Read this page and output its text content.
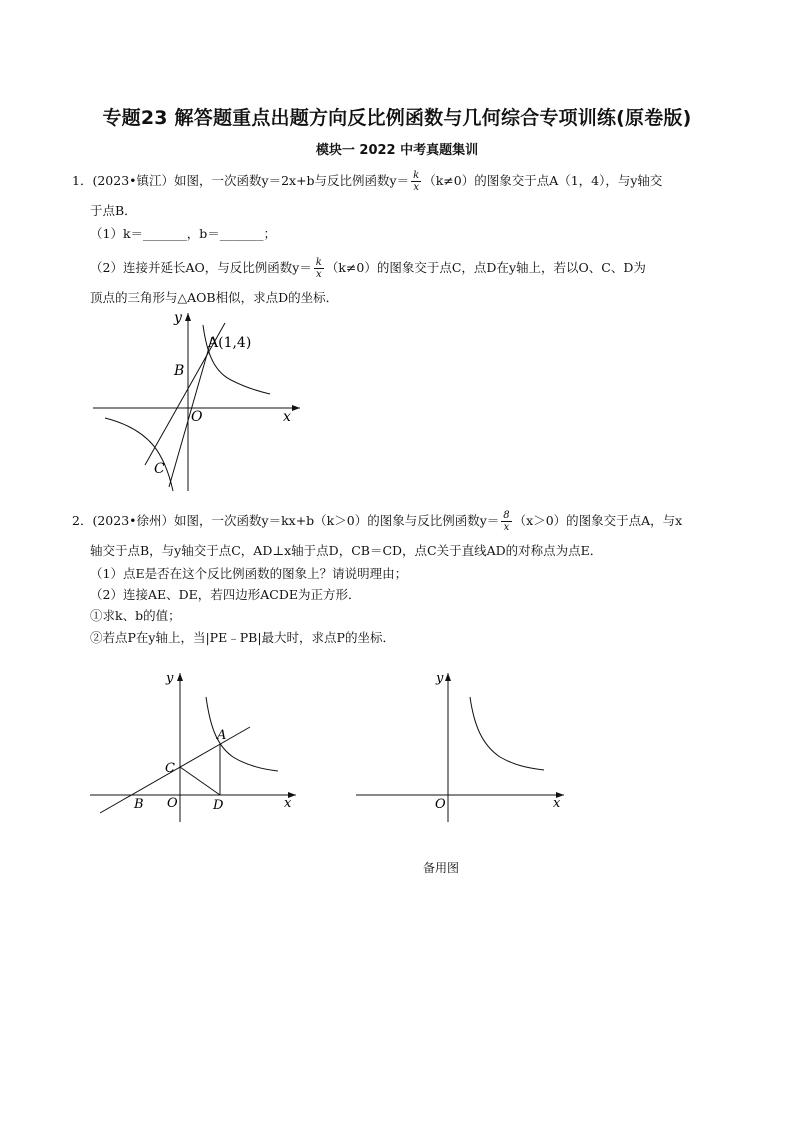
专题23 解答题重点出题方向反比例函数与几何综合专项训练(原卷版)
模块一 2022 中考真题集训
1．(2023•镇江）如图，一次函数y＝2x+b与反比例函数$y= \frac{k}{x} (k\ne 0)$的图象交于点A（1，4），与y轴交
于点B．
（1）k＝_______，b＝_______；
（2）连接并延长AO，与反比例函数$y= \frac{k}{x} (k\ne 0)$的图象交于点C，点D在y轴上，若以O、C、D为
顶点的三角形与△AOB相似，求点D的坐标．
y
x
A(1,4)
B
O
C
2．(2023•徐州）如图，一次函数y＝kx+b（k＞0）的图象与反比例函数$y= \frac{8}{x} (x>0)$的图象交于点A，与x
轴交于点B，与y轴交于点C，AD⊥x轴于点D，CB＝CD，点C关于直线AD的对称点为点E．
（1）点E是否在这个反比例函数的图象上？请说明理由；
（2）连接AE、DE，若四边形ACDE为正方形．
①求k、b的值；
②若点P在y轴上，当|PE﹣PB|最大时，求点P的坐标．
y
x
A
B
C
O	D
y
x
O
备用图
